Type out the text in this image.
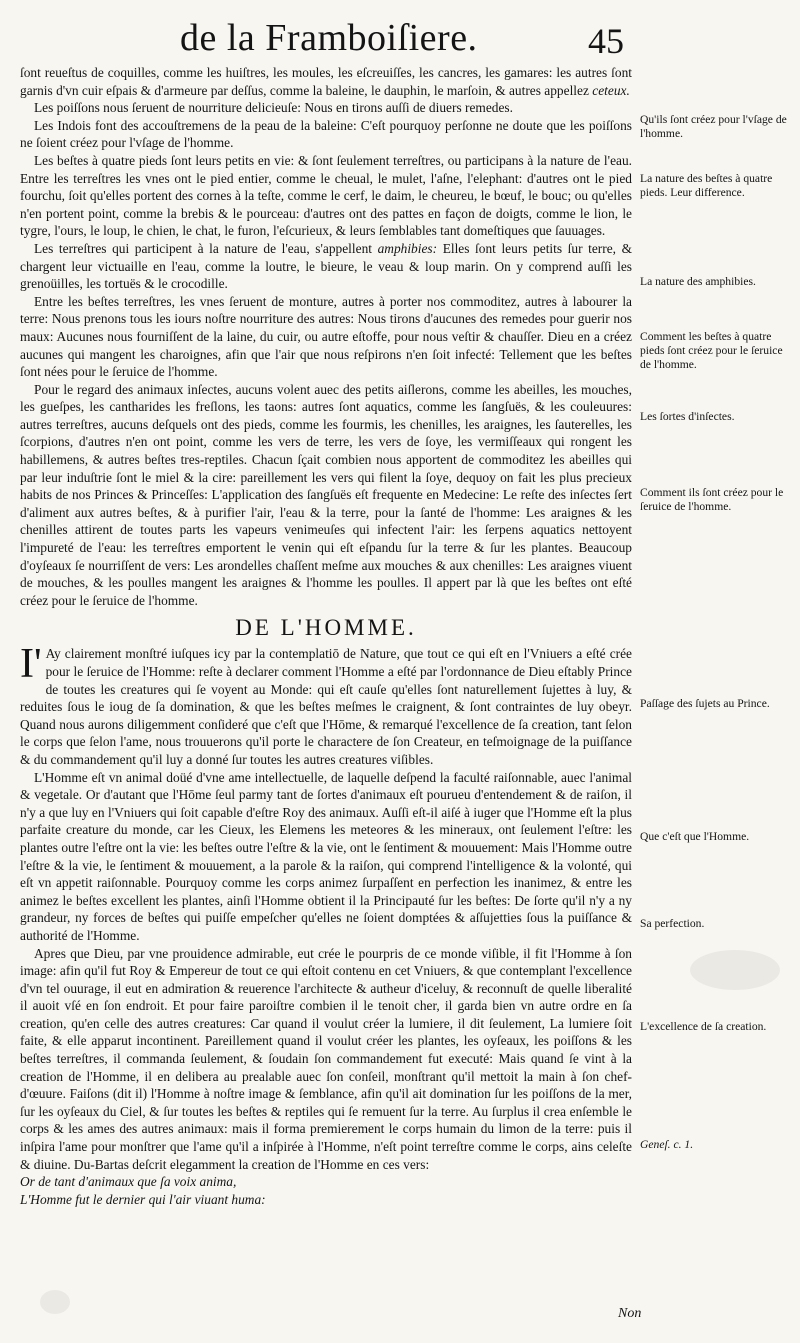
de la Framboiſiere.	45

ſont reueſtus de coquilles, comme les huiſtres, les moules, les eſcreuiſſes, les cancres, les gamares: les autres ſont garnis d'vn cuir eſpais & d'armeure par deſſus, comme la baleine, le dauphin, le marſoin, & autres appellez ceteux.

Les poiſſons nous ſeruent de nourriture delicieuſe: Nous en tirons auſſi de diuers remedes.

Les Indois font des accouſtremens de la peau de la baleine: C'eſt pourquoy perſonne ne doute que les poiſſons ne ſoient créez pour l'vſage de l'homme.

Les beſtes à quatre pieds ſont leurs petits en vie: & ſont ſeulement terreſtres, ou participans à la nature de l'eau. Entre les terreſtres les vnes ont le pied entier, comme le cheual, le mulet, l'aſne, l'elephant: d'autres ont le pied fourchu, ſoit qu'elles portent des cornes à la teſte, comme le cerf, le daim, le cheureu, le bœuf, le bouc; ou qu'elles n'en portent point, comme la brebis & le pourceau: d'autres ont des pattes en façon de doigts, comme le lion, le tygre, l'ours, le loup, le chien, le chat, le furon, l'eſcurieux, & leurs ſemblables tant domeſtiques que ſauuages.

Les terreſtres qui participent à la nature de l'eau, s'appellent amphibies: Elles ſont leurs petits ſur terre, & chargent leur victuaille en l'eau, comme la loutre, le bieure, le veau & loup marin. On y comprend auſſi les grenoüilles, les tortuës & le crocodille.

Entre les beſtes terreſtres, les vnes ſeruent de monture, autres à porter nos commoditez, autres à labourer la terre: Nous prenons tous les iours noſtre nourriture des autres: Nous tirons d'aucunes des remedes pour guerir nos maux: Aucunes nous fourniſſent de la laine, du cuir, ou autre eſtoffe, pour nous veſtir & chauſſer. Dieu en a créez aucunes qui mangent les charoignes, afin que l'air que nous reſpirons n'en ſoit infecté: Tellement que les beſtes ſont nées pour le ſeruice de l'homme.

Pour le regard des animaux inſectes, aucuns volent auec des petits aiſlerons, comme les abeilles, les mouches, les gueſpes, les cantharides les freſlons, les taons: autres ſont aquatics, comme les ſangſuës, & les couleuures: autres terreſtres, aucuns deſquels ont des pieds, comme les fourmis, les chenilles, les araignes, les ſauterelles, les ſcorpions, d'autres n'en ont point, comme les vers de terre, les vers de ſoye, les vermiſſeaux qui rongent les habillemens, & autres beſtes tres-reptiles. Chacun ſçait combien nous apportent de commoditez les abeilles qui par leur induſtrie ſont le miel & la cire: pareillement les vers qui filent la ſoye, dequoy on fait les plus precieux habits de nos Princes & Princeſſes: L'application des ſangſuës eſt frequente en Medecine: Le reſte des inſectes ſert d'aliment aux autres beſtes, & à purifier l'air, l'eau & la terre, pour la ſanté de l'homme: Les araignes & les chenilles attirent de toutes parts les vapeurs venimeuſes qui infectent l'air: les ſerpens aquatics nettoyent l'impureté de l'eau: les terreſtres emportent le venin qui eſt eſpandu ſur la terre & ſur les plantes. Beaucoup d'oyſeaux ſe nourriſſent de vers: Les arondelles chaſſent meſme aux mouches & aux chenilles: Les araignes viuent de mouches, & les poulles mangent les araignes & l'homme les poulles. Il appert par là que les beſtes ont eſté créez pour le ſeruice de l'homme.

DE L'HOMME.

I'Ay clairement monſtré iuſques icy par la contemplatiō de Nature, que tout ce qui eſt en l'Vniuers a eſté crée pour le ſeruice de l'Homme: reſte à declarer comment l'Homme a eſté par l'ordonnance de Dieu eſtably Prince de toutes les creatures qui ſe voyent au Monde: qui eſt cauſe qu'elles ſont naturellement ſujettes à luy, & reduites ſous le ioug de ſa domination, & que les beſtes meſmes le craignent, & ſont contraintes de luy obeyr. Quand nous aurons diligemment conſideré que c'eſt que l'Hōme, & remarqué l'excellence de ſa creation, tant ſelon le corps que ſelon l'ame, nous trouuerons qu'il porte le charactere de ſon Createur, en teſmoignage de la puiſſance & du commandement qu'il luy a donné ſur toutes les autres creatures viſibles.

L'Homme eſt vn animal doüé d'vne ame intellectuelle, de laquelle deſpend la faculté raiſonnable, auec l'animal & vegetale. Or d'autant que l'Hōme ſeul parmy tant de ſortes d'animaux eſt pourueu d'entendement & de raiſon, il n'y a que luy en l'Vniuers qui ſoit capable d'eſtre Roy des animaux. Auſſi eſt-il aiſé à iuger que l'Homme eſt la plus parfaite creature du monde, car les Cieux, les Elemens les meteores & les mineraux, ont ſeulement l'eſtre: les plantes outre l'eſtre ont la vie: les beſtes outre l'eſtre & la vie, ont le ſentiment & mouuement: Mais l'Homme outre l'eſtre & la vie, le ſentiment & mouuement, a la parole & la raiſon, qui comprend l'intelligence & la volonté, qui eſt vn appetit raiſonnable. Pourquoy comme les corps animez ſurpaſſent en perfection les inanimez, & entre les animez le beſtes excellent les plantes, ainſi l'Homme obtient il la Principauté ſur les beſtes: De ſorte qu'il n'y a ny grandeur, ny forces de beſtes qui puiſſe empeſcher qu'elles ne ſoient domptées & aſſujetties ſous la puiſſance & authorité de l'Homme.

Apres que Dieu, par vne prouidence admirable, eut crée le pourpris de ce monde viſible, il fit l'Homme à ſon image: afin qu'il fut Roy & Empereur de tout ce qui eſtoit contenu en cet Vniuers, & que contemplant l'excellence d'vn tel ouurage, il eut en admiration & reuerence l'architecte & autheur d'iceluy, & reconnuſt de quelle liberalité il auoit vſé en ſon endroit. Et pour faire paroiſtre combien il le tenoit cher, il garda bien vn autre ordre en ſa creation, qu'en celle des autres creatures: Car quand il voulut créer la lumiere, il dit ſeulement, La lumiere ſoit faite, & elle apparut incontinent. Pareillement quand il voulut créer les plantes, les oyſeaux, les poiſſons & les beſtes terreſtres, il commanda ſeulement, & ſoudain ſon commandement fut executé: Mais quand ſe vint à la creation de l'Homme, il en delibera au prealable auec ſon conſeil, monſtrant qu'il mettoit la main à ſon chef-d'œuure. Faiſons (dit il) l'Homme à noſtre image & ſemblance, afin qu'il ait domination ſur les poiſſons de la mer, ſur les oyſeaux du Ciel, & ſur toutes les beſtes & reptiles qui ſe remuent ſur la terre. Au ſurplus il crea enſemble le corps & les ames des autres animaux: mais il forma premierement le corps humain du limon de la terre: puis il inſpira l'ame pour monſtrer que l'ame qu'il a inſpirée à l'Homme, n'eſt point terreſtre comme le corps, ains celeſte & diuine. Du-Bartas deſcrit elegamment la creation de l'Homme en ces vers:

Or de tant d'animaux que ſa voix anima,

L'Homme fut le dernier qui l'air viuant huma:

Qu'ils ſont créez pour l'vſage de l'homme.
La nature des beſtes à quatre pieds. Leur difference.
La nature des amphibies.
Comment les beſtes à quatre pieds ſont créez pour le ſeruice de l'homme.
Les ſortes d'inſectes.
Comment ils ſont créez pour le ſeruice de l'homme.
Paſſage des ſujets au Prince.
Que c'eſt que l'Homme.
Sa perfection.
L'excellence de ſa creation.
Geneſ. c. 1.
Non
